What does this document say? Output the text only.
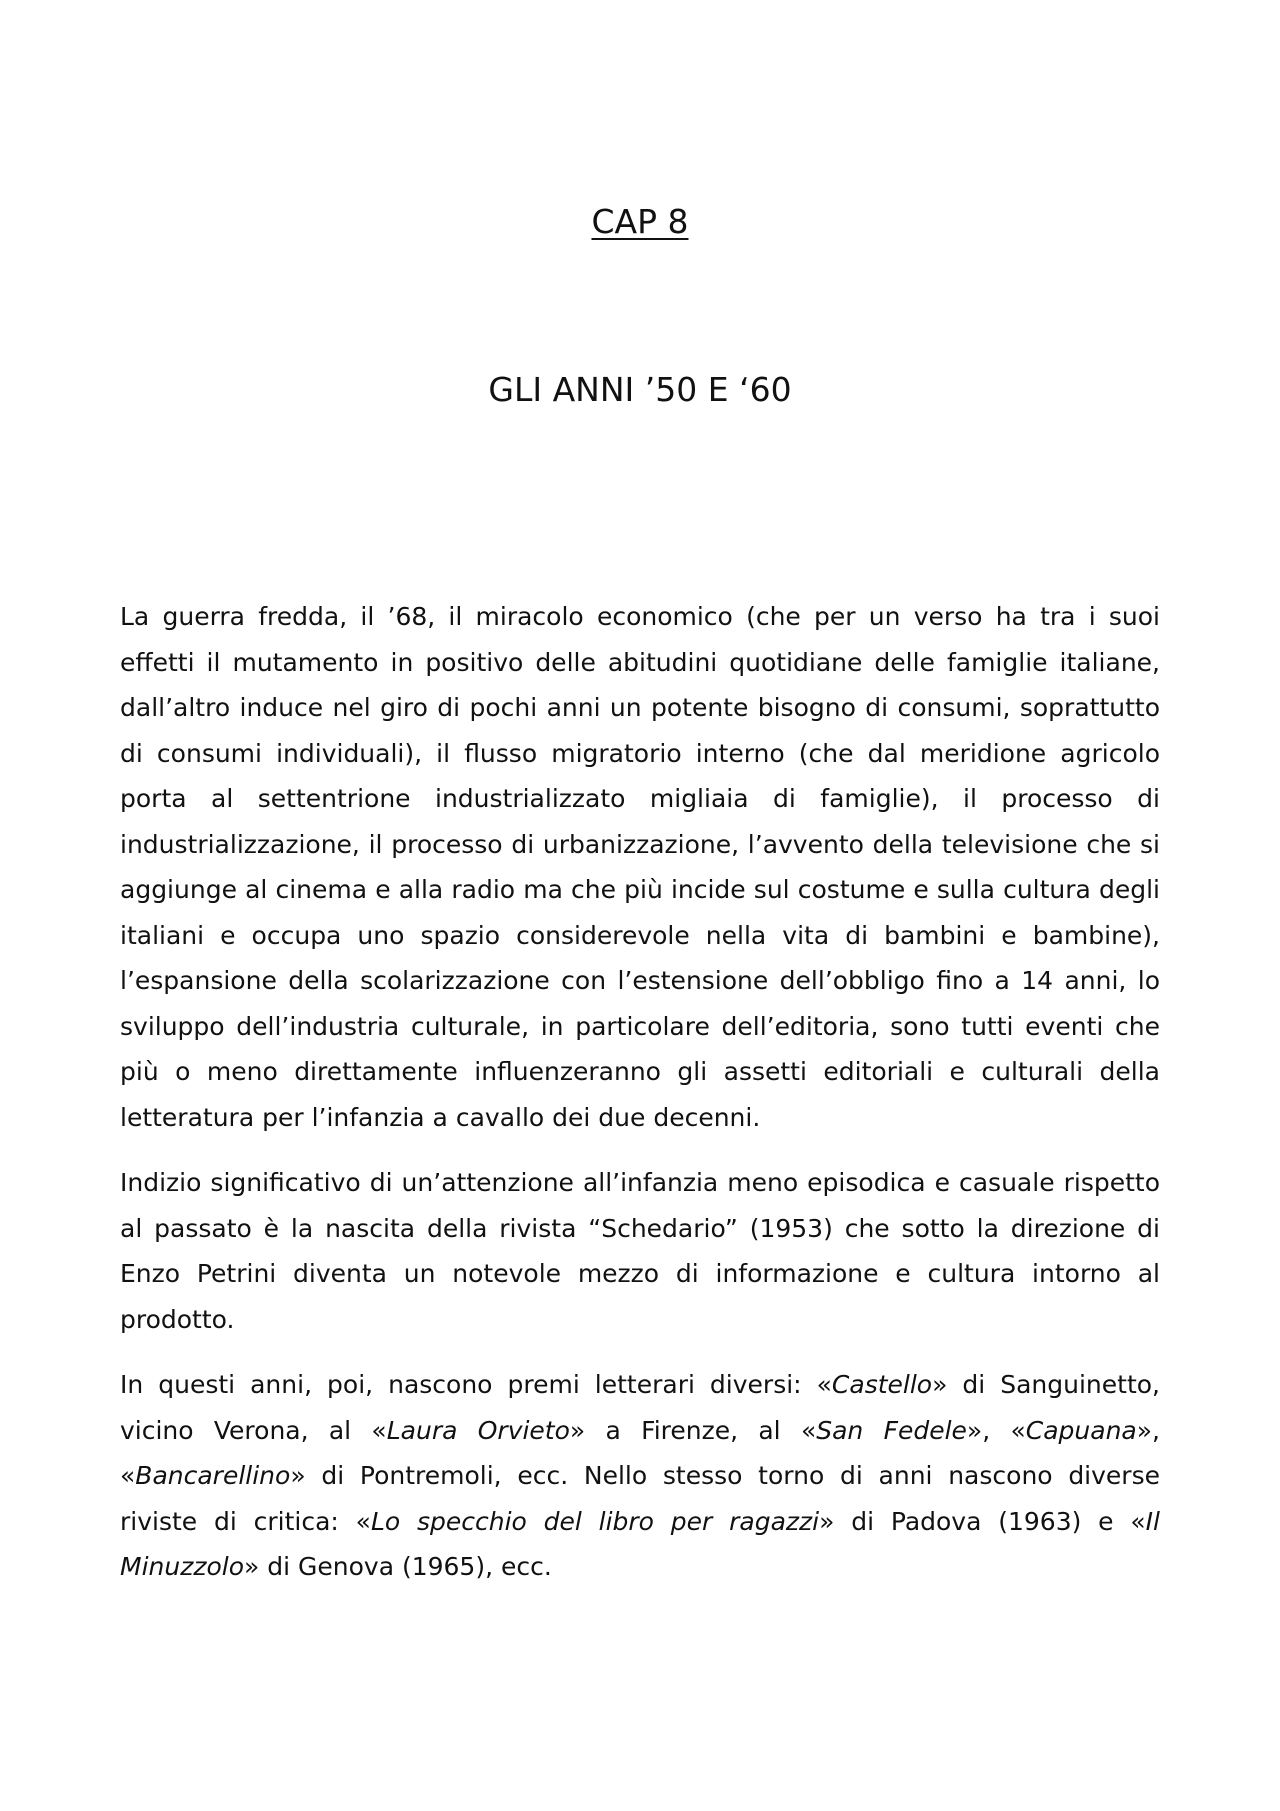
CAP 8
GLI ANNI ’50 E ‘60

La guerra fredda, il ’68, il miracolo economico (che per un verso ha tra i suoi effetti il mutamento in positivo delle abitudini quotidiane delle famiglie italiane, dall’altro induce nel giro di pochi anni un potente bisogno di consumi, soprattutto di consumi individuali), il flusso migratorio interno (che dal meridione agricolo porta al settentrione industrializzato migliaia di famiglie), il processo di industrializzazione, il processo di urbanizzazione, l’avvento della televisione che si aggiunge al cinema e alla radio ma che più incide sul costume e sulla cultura degli italiani e occupa uno spazio considerevole nella vita di bambini e bambine), l’espansione della scolarizzazione con l’estensione dell’obbligo fino a 14 anni, lo sviluppo dell’industria culturale, in particolare dell’editoria, sono tutti eventi che più o meno direttamente influenzeranno gli assetti editoriali e culturali della letteratura per l’infanzia a cavallo dei due decenni.

Indizio significativo di un’attenzione all’infanzia meno episodica e casuale rispetto al passato è la nascita della rivista “Schedario” (1953) che sotto la direzione di Enzo Petrini diventa un notevole mezzo di informazione e cultura intorno al prodotto.

In questi anni, poi, nascono premi letterari diversi: «Castello» di Sanguinetto, vicino Verona, al «Laura Orvieto» a Firenze, al «San Fedele», «Capuana», «Bancarellino» di Pontremoli, ecc. Nello stesso torno di anni nascono diverse riviste di critica: «Lo specchio del libro per ragazzi» di Padova (1963) e «Il Minuzzolo» di Genova (1965), ecc.
